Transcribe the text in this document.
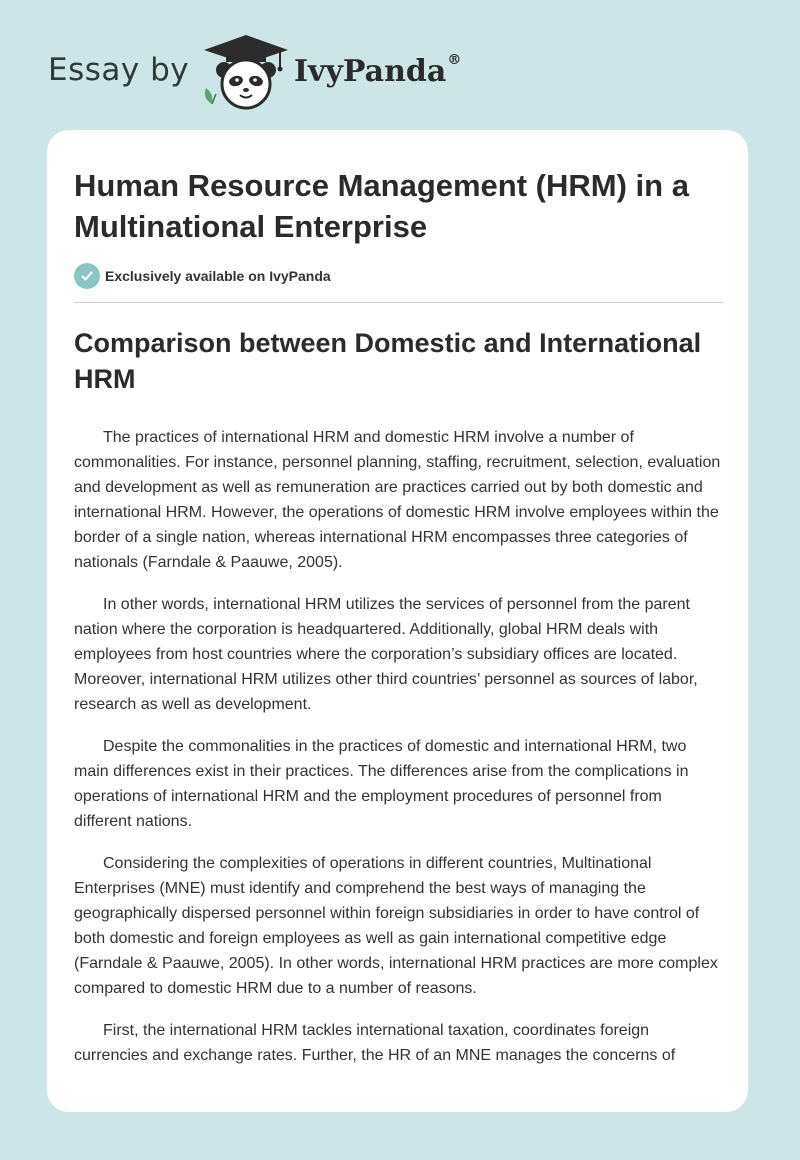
Essay by	IvyPanda®
Human Resource Management (HRM) in a Multinational Enterprise
Exclusively available on IvyPanda
Comparison between Domestic and International HRM

The practices of international HRM and domestic HRM involve a number of commonalities. For instance, personnel planning, staffing, recruitment, selection, evaluation and development as well as remuneration are practices carried out by both domestic and international HRM. However, the operations of domestic HRM involve employees within the border of a single nation, whereas international HRM encompasses three categories of nationals (Farndale & Paauwe, 2005).

In other words, international HRM utilizes the services of personnel from the parent nation where the corporation is headquartered. Additionally, global HRM deals with employees from host countries where the corporation’s subsidiary offices are located. Moreover, international HRM utilizes other third countries’ personnel as sources of labor, research as well as development.

Despite the commonalities in the practices of domestic and international HRM, two main differences exist in their practices. The differences arise from the complications in operations of international HRM and the employment procedures of personnel from different nations.

Considering the complexities of operations in different countries, Multinational Enterprises (MNE) must identify and comprehend the best ways of managing the geographically dispersed personnel within foreign subsidiaries in order to have control of both domestic and foreign employees as well as gain international competitive edge (Farndale & Paauwe, 2005). In other words, international HRM practices are more complex compared to domestic HRM due to a number of reasons.

First, the international HRM tackles international taxation, coordinates foreign currencies and exchange rates. Further, the HR of an MNE manages the concerns of
